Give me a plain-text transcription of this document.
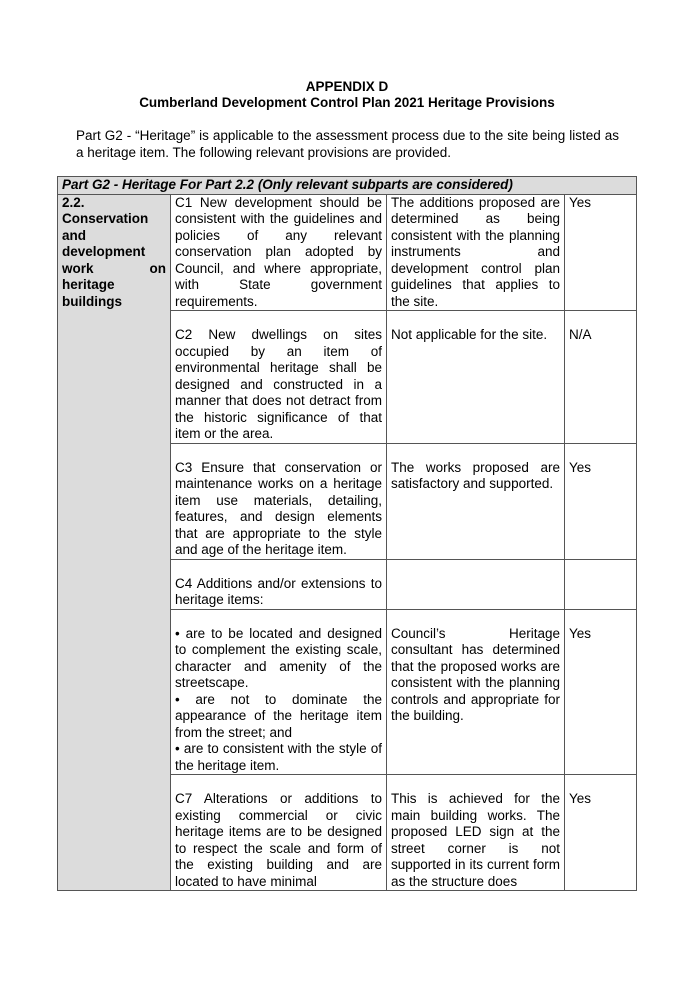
APPENDIX D
Cumberland Development Control Plan 2021 Heritage Provisions
Part G2 - “Heritage” is applicable to the assessment process due to the site being listed as a heritage item. The following relevant provisions are provided.
Part G2 - Heritage For Part 2.2 (Only relevant subparts are considered)			
2.2. Conservation and development work on heritage buildings	C1 New development should be consistent with the guidelines and policies of any relevant conservation plan adopted by Council, and where appropriate, with State government requirements.	The additions proposed are determined as being consistent with the planning instruments and development control plan guidelines that applies to the site.	Yes
	C2 New dwellings on sites occupied by an item of environmental heritage shall be designed and constructed in a manner that does not detract from the historic significance of that item or the area.	Not applicable for the site.	N/A
	C3 Ensure that conservation or maintenance works on a heritage item use materials, detailing, features, and design elements that are appropriate to the style and age of the heritage item.	The works proposed are satisfactory and supported.	Yes
	C4 Additions and/or extensions to heritage items:		

	• are to be located and designed to complement the existing scale, character and amenity of the streetscape.
• are not to dominate the appearance of the heritage item from the street; and
• are to consistent with the style of the heritage item.	Council’s Heritage consultant has determined that the proposed works are consistent with the planning controls and appropriate for the building.	Yes
	C7 Alterations or additions to existing commercial or civic heritage items are to be designed to respect the scale and form of the existing building and are located to have minimal	This is achieved for the main building works. The proposed LED sign at the street corner is not supported in its current form as the structure does	Yes
